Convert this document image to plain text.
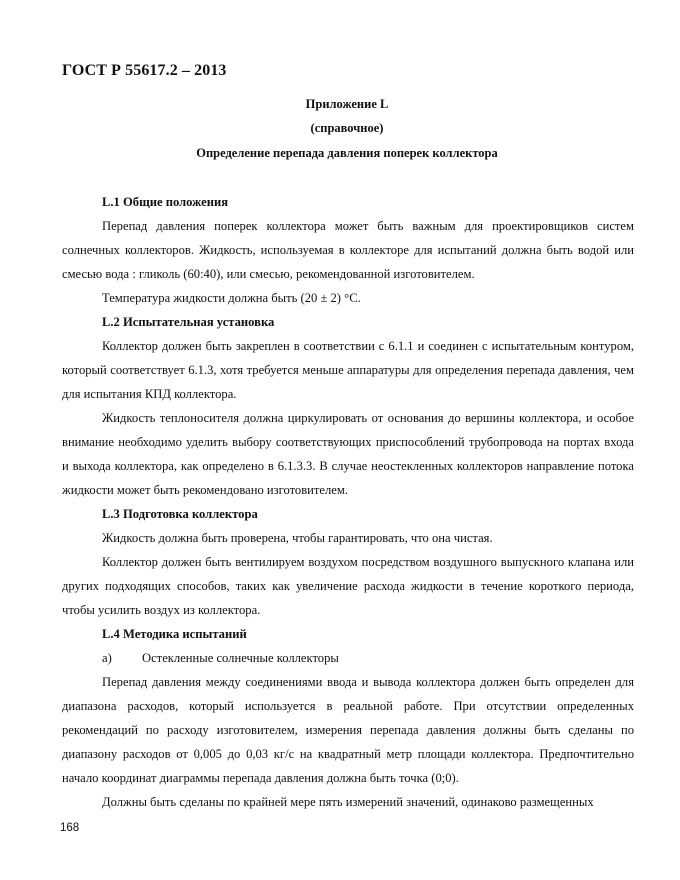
ГОСТ Р 55617.2 – 2013
Приложение L
(справочное)
Определение перепада давления поперек коллектора
L.1 Общие положения

Перепад давления поперек коллектора может быть важным для проектировщиков систем солнечных коллекторов. Жидкость, используемая в коллекторе для испытаний должна быть водой или смесью вода : гликоль (60:40), или смесью, рекомендованной изготовителем.

Температура жидкости должна быть (20 ± 2) °С.

L.2 Испытательная установка

Коллектор должен быть закреплен в соответствии с 6.1.1 и соединен с испытательным контуром, который соответствует 6.1.3, хотя требуется меньше аппаратуры для определения перепада давления, чем для испытания КПД коллектора.

Жидкость теплоносителя должна циркулировать от основания до вершины коллектора, и особое внимание необходимо уделить выбору соответствующих приспособлений трубопровода на портах входа и выхода коллектора, как определено в 6.1.3.3. В случае неостекленных коллекторов направление потока жидкости может быть рекомендовано изготовителем.

L.3 Подготовка коллектора

Жидкость должна быть проверена, чтобы гарантировать, что она чистая.

Коллектор должен быть вентилируем воздухом посредством воздушного выпускного клапана или других подходящих способов, таких как увеличение расхода жидкости в течение короткого периода, чтобы усилить воздух из коллектора.

L.4 Методика испытаний
а) Остекленные солнечные коллекторы

Перепад давления между соединениями ввода и вывода коллектора должен быть определен для диапазона расходов, который используется в реальной работе. При отсутствии определенных рекомендаций по расходу изготовителем, измерения перепада давления должны быть сделаны по диапазону расходов от 0,005 до 0,03 кг/с на квадратный метр площади коллектора. Предпочтительно начало координат диаграммы перепада давления должна быть точка (0;0).

Должны быть сделаны по крайней мере пять измерений значений, одинаково размещенных

168
